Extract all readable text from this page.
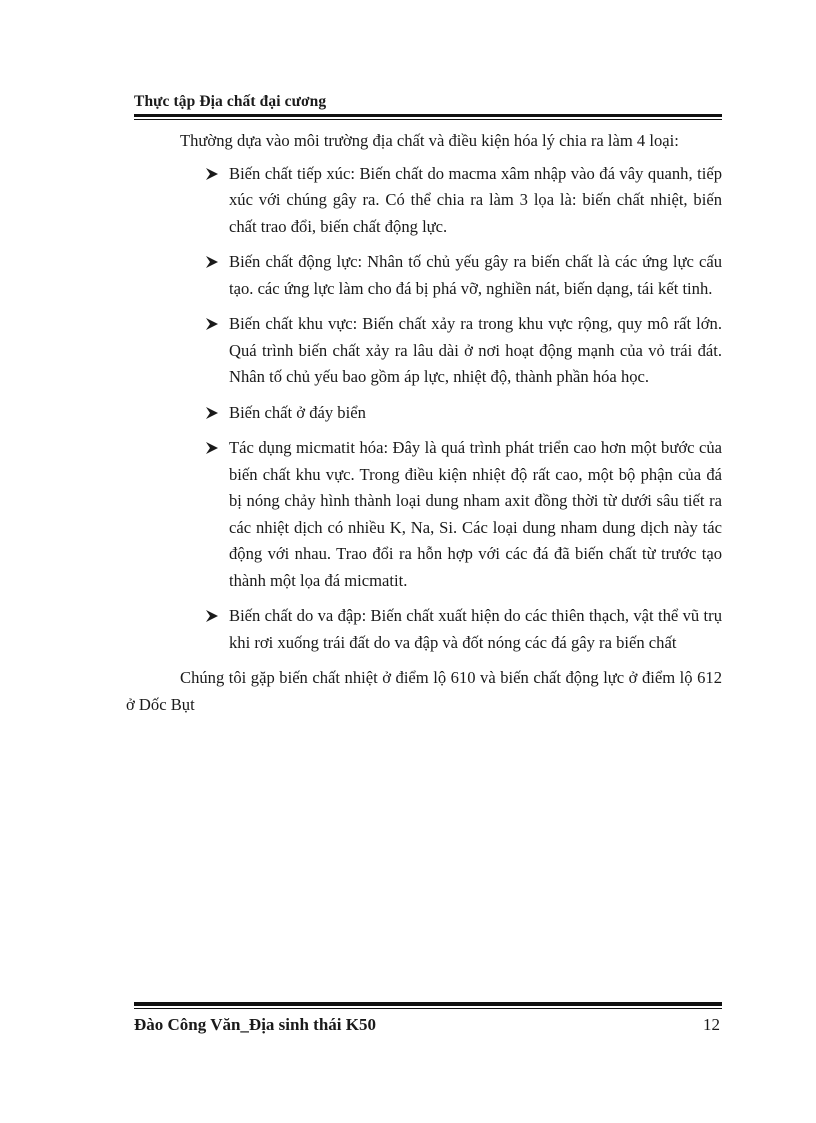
Thực tập Địa chất đại cương

Thường dựa vào môi trường địa chất và điều kiện hóa lý chia ra làm 4 loại:

Biến chất tiếp xúc: Biến chất do macma xâm nhập vào đá vây quanh, tiếp xúc với chúng gây ra. Có thể chia ra làm 3 lọa là: biến chất nhiệt, biến chất trao đổi, biến chất động lực.
Biến chất động lực: Nhân tố chủ yếu gây ra biến chất là các ứng lực cấu tạo. các ứng lực làm cho đá bị phá vỡ, nghiền nát, biến dạng, tái kết tinh.
Biến chất khu vực: Biến chất xảy ra trong khu vực rộng, quy mô rất lớn. Quá trình biến chất xảy ra lâu dài ở nơi hoạt động mạnh của vỏ trái đát. Nhân tố chủ yếu bao gồm áp lực, nhiệt độ, thành phần hóa học.
Biến chất ở đáy biển
Tác dụng micmatit hóa: Đây là quá trình phát triển cao hơn một bước của biến chất khu vực. Trong điều kiện nhiệt độ rất cao, một bộ phận của đá bị nóng chảy hình thành loại dung nham axit đồng thời từ dưới sâu tiết ra các nhiệt dịch có nhiều K, Na, Si. Các loại dung nham dung dịch này tác động với nhau. Trao đổi ra hỗn hợp với các đá đã biến chất từ trước tạo thành một lọa đá micmatit.
Biến chất do va đập: Biến chất xuất hiện do các thiên thạch, vật thể vũ trụ khi rơi xuống trái đất do va đập và đốt nóng các đá gây ra biến chất

Chúng tôi gặp biến chất nhiệt ở điểm lộ 610 và biến chất động lực ở điểm lộ 612 ở Dốc Bụt

Đào Công Văn_Địa sinh thái K50	12
